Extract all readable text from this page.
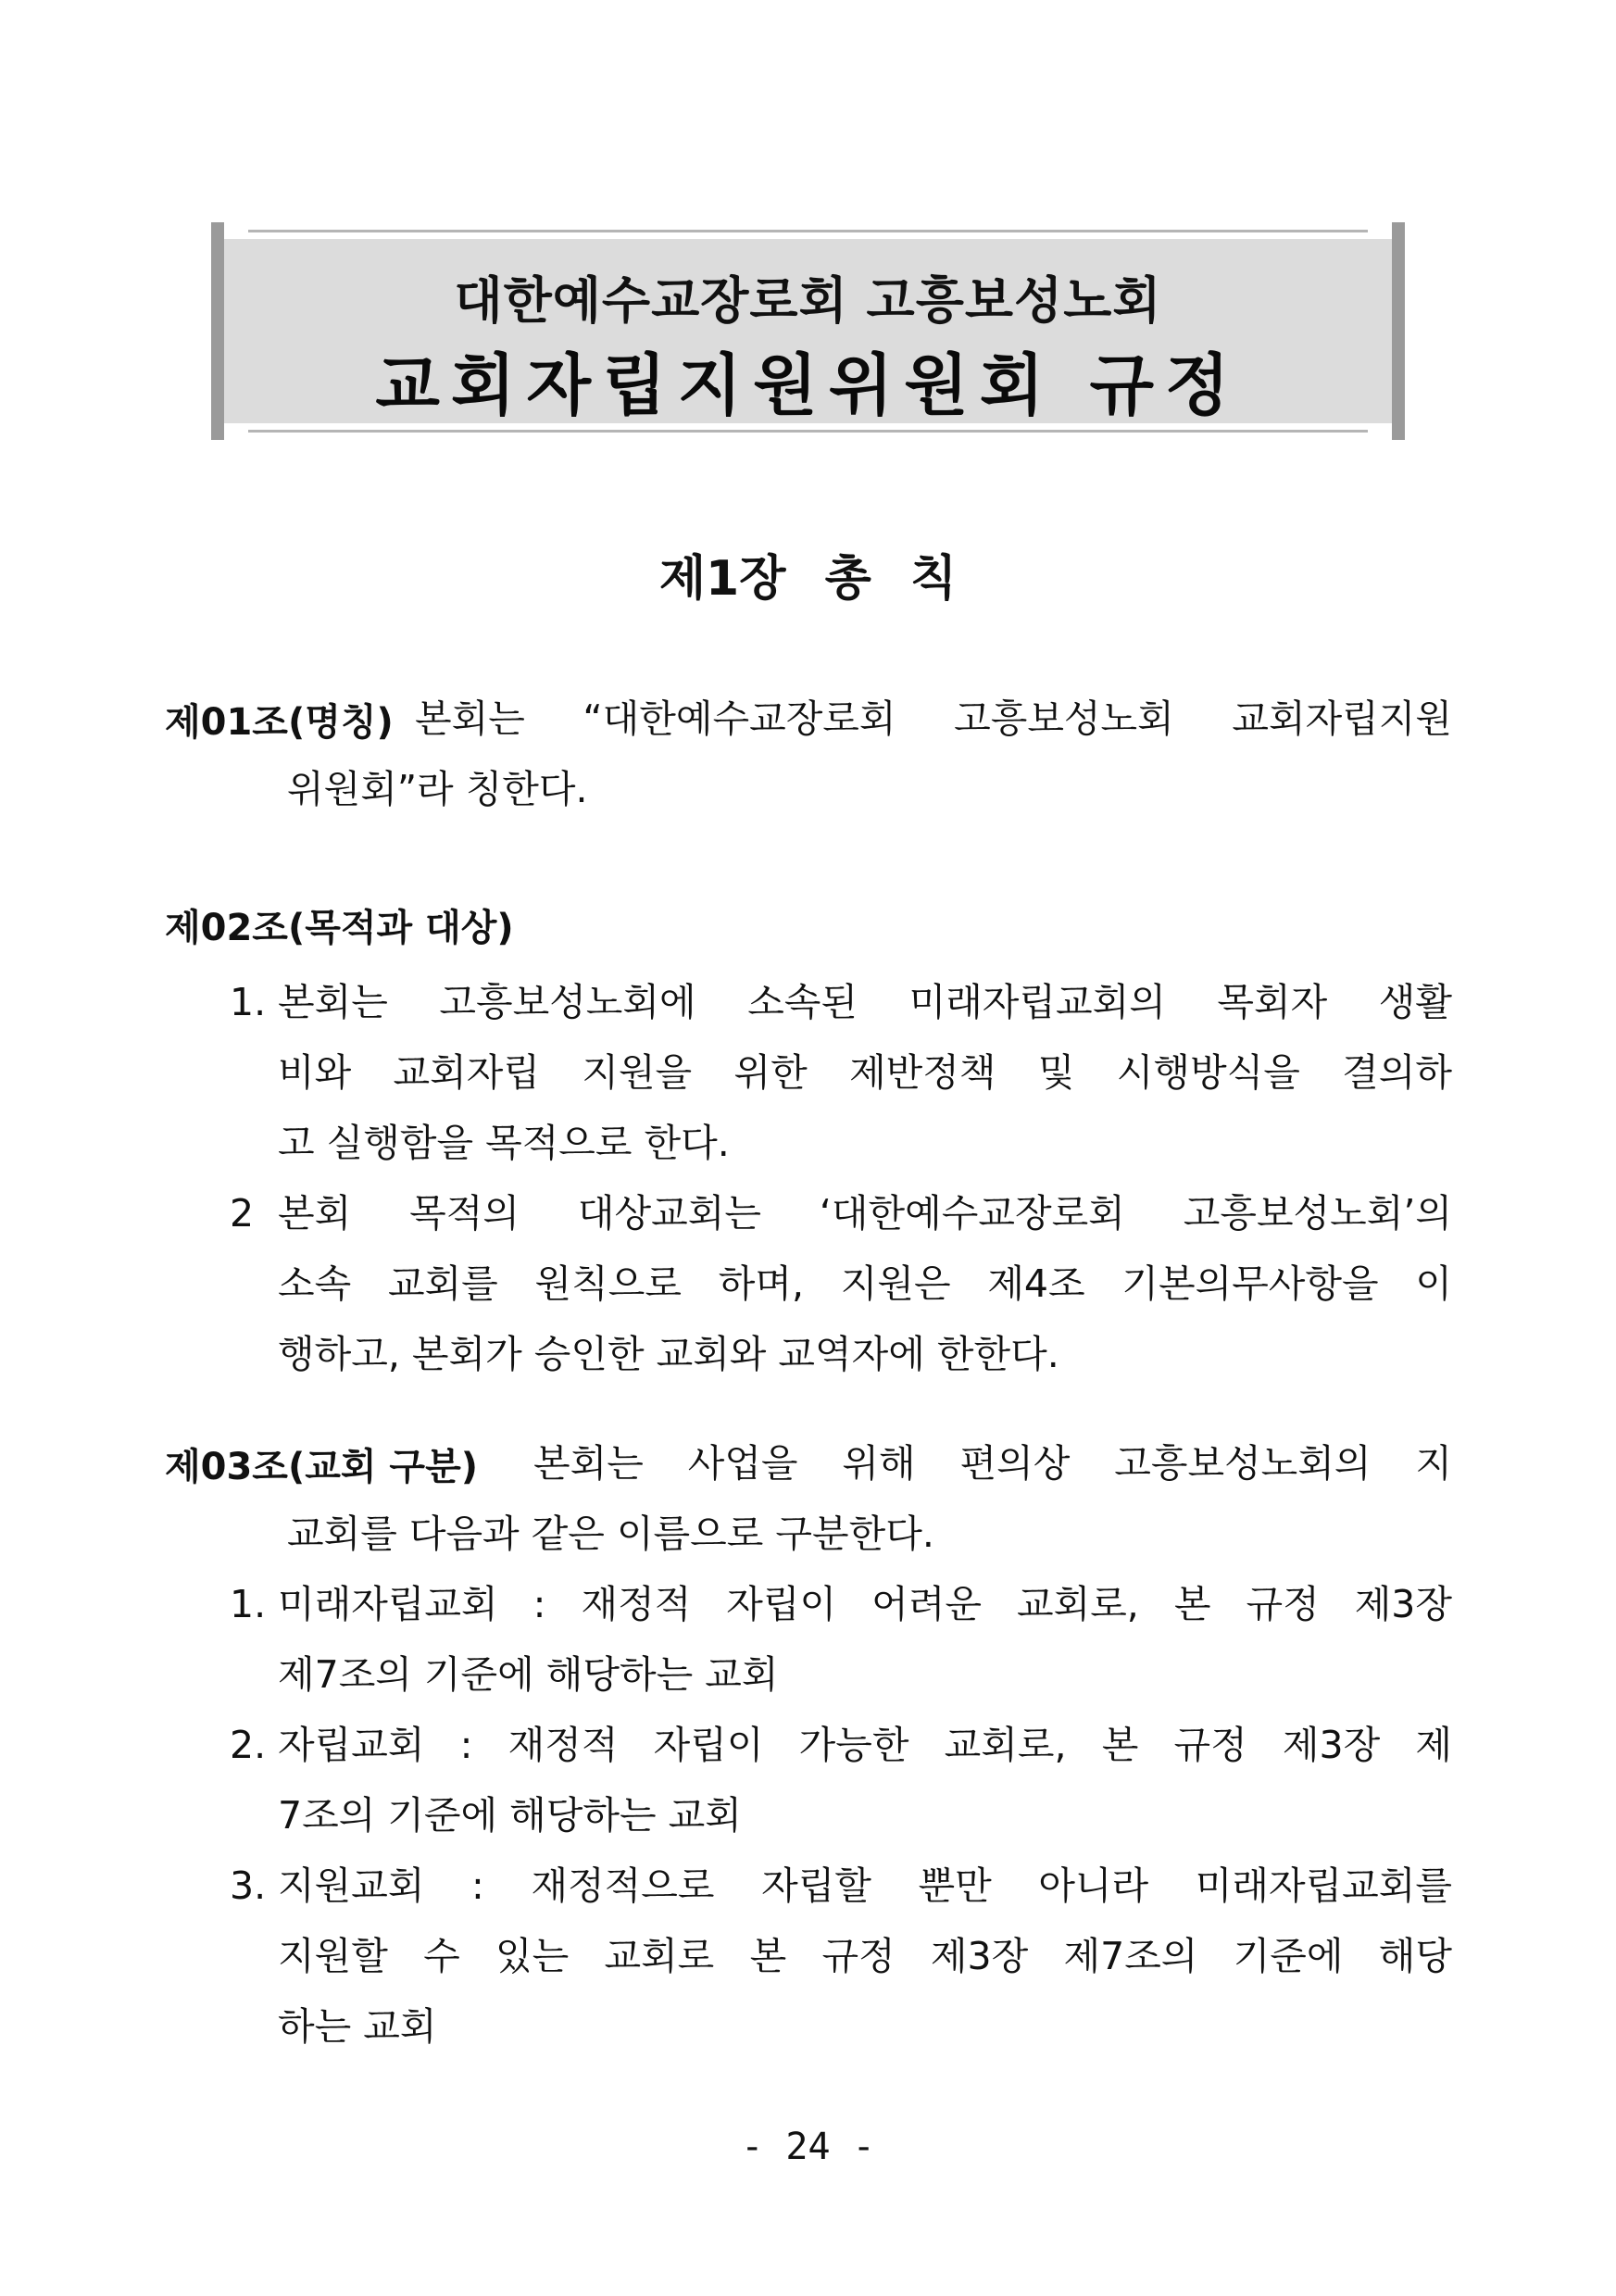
대한예수교장로회 고흥보성노회
교회자립지원위원회 규정
제1장 총 칙
제01조(명칭) 본회는 “대한예수교장로회 고흥보성노회 교회자립지원
위원회”라 칭한다.
제02조(목적과 대상)
1. 본회는 고흥보성노회에 소속된 미래자립교회의 목회자 생활
비와 교회자립 지원을 위한 제반정책 및 시행방식을 결의하
고 실행함을 목적으로 한다.
2 본회 목적의 대상교회는 ‘대한예수교장로회 고흥보성노회’의
소속 교회를 원칙으로 하며, 지원은 제4조 기본의무사항을 이
행하고, 본회가 승인한 교회와 교역자에 한한다.
제03조(교회 구분) 본회는 사업을 위해 편의상 고흥보성노회의 지
교회를 다음과 같은 이름으로 구분한다.
1. 미래자립교회 : 재정적 자립이 어려운 교회로, 본 규정 제3장
제7조의 기준에 해당하는 교회
2. 자립교회 : 재정적 자립이 가능한 교회로, 본 규정 제3장 제
7조의 기준에 해당하는 교회
3. 지원교회 : 재정적으로 자립할 뿐만 아니라 미래자립교회를
지원할 수 있는 교회로 본 규정 제3장 제7조의 기준에 해당
하는 교회
- 24 -
